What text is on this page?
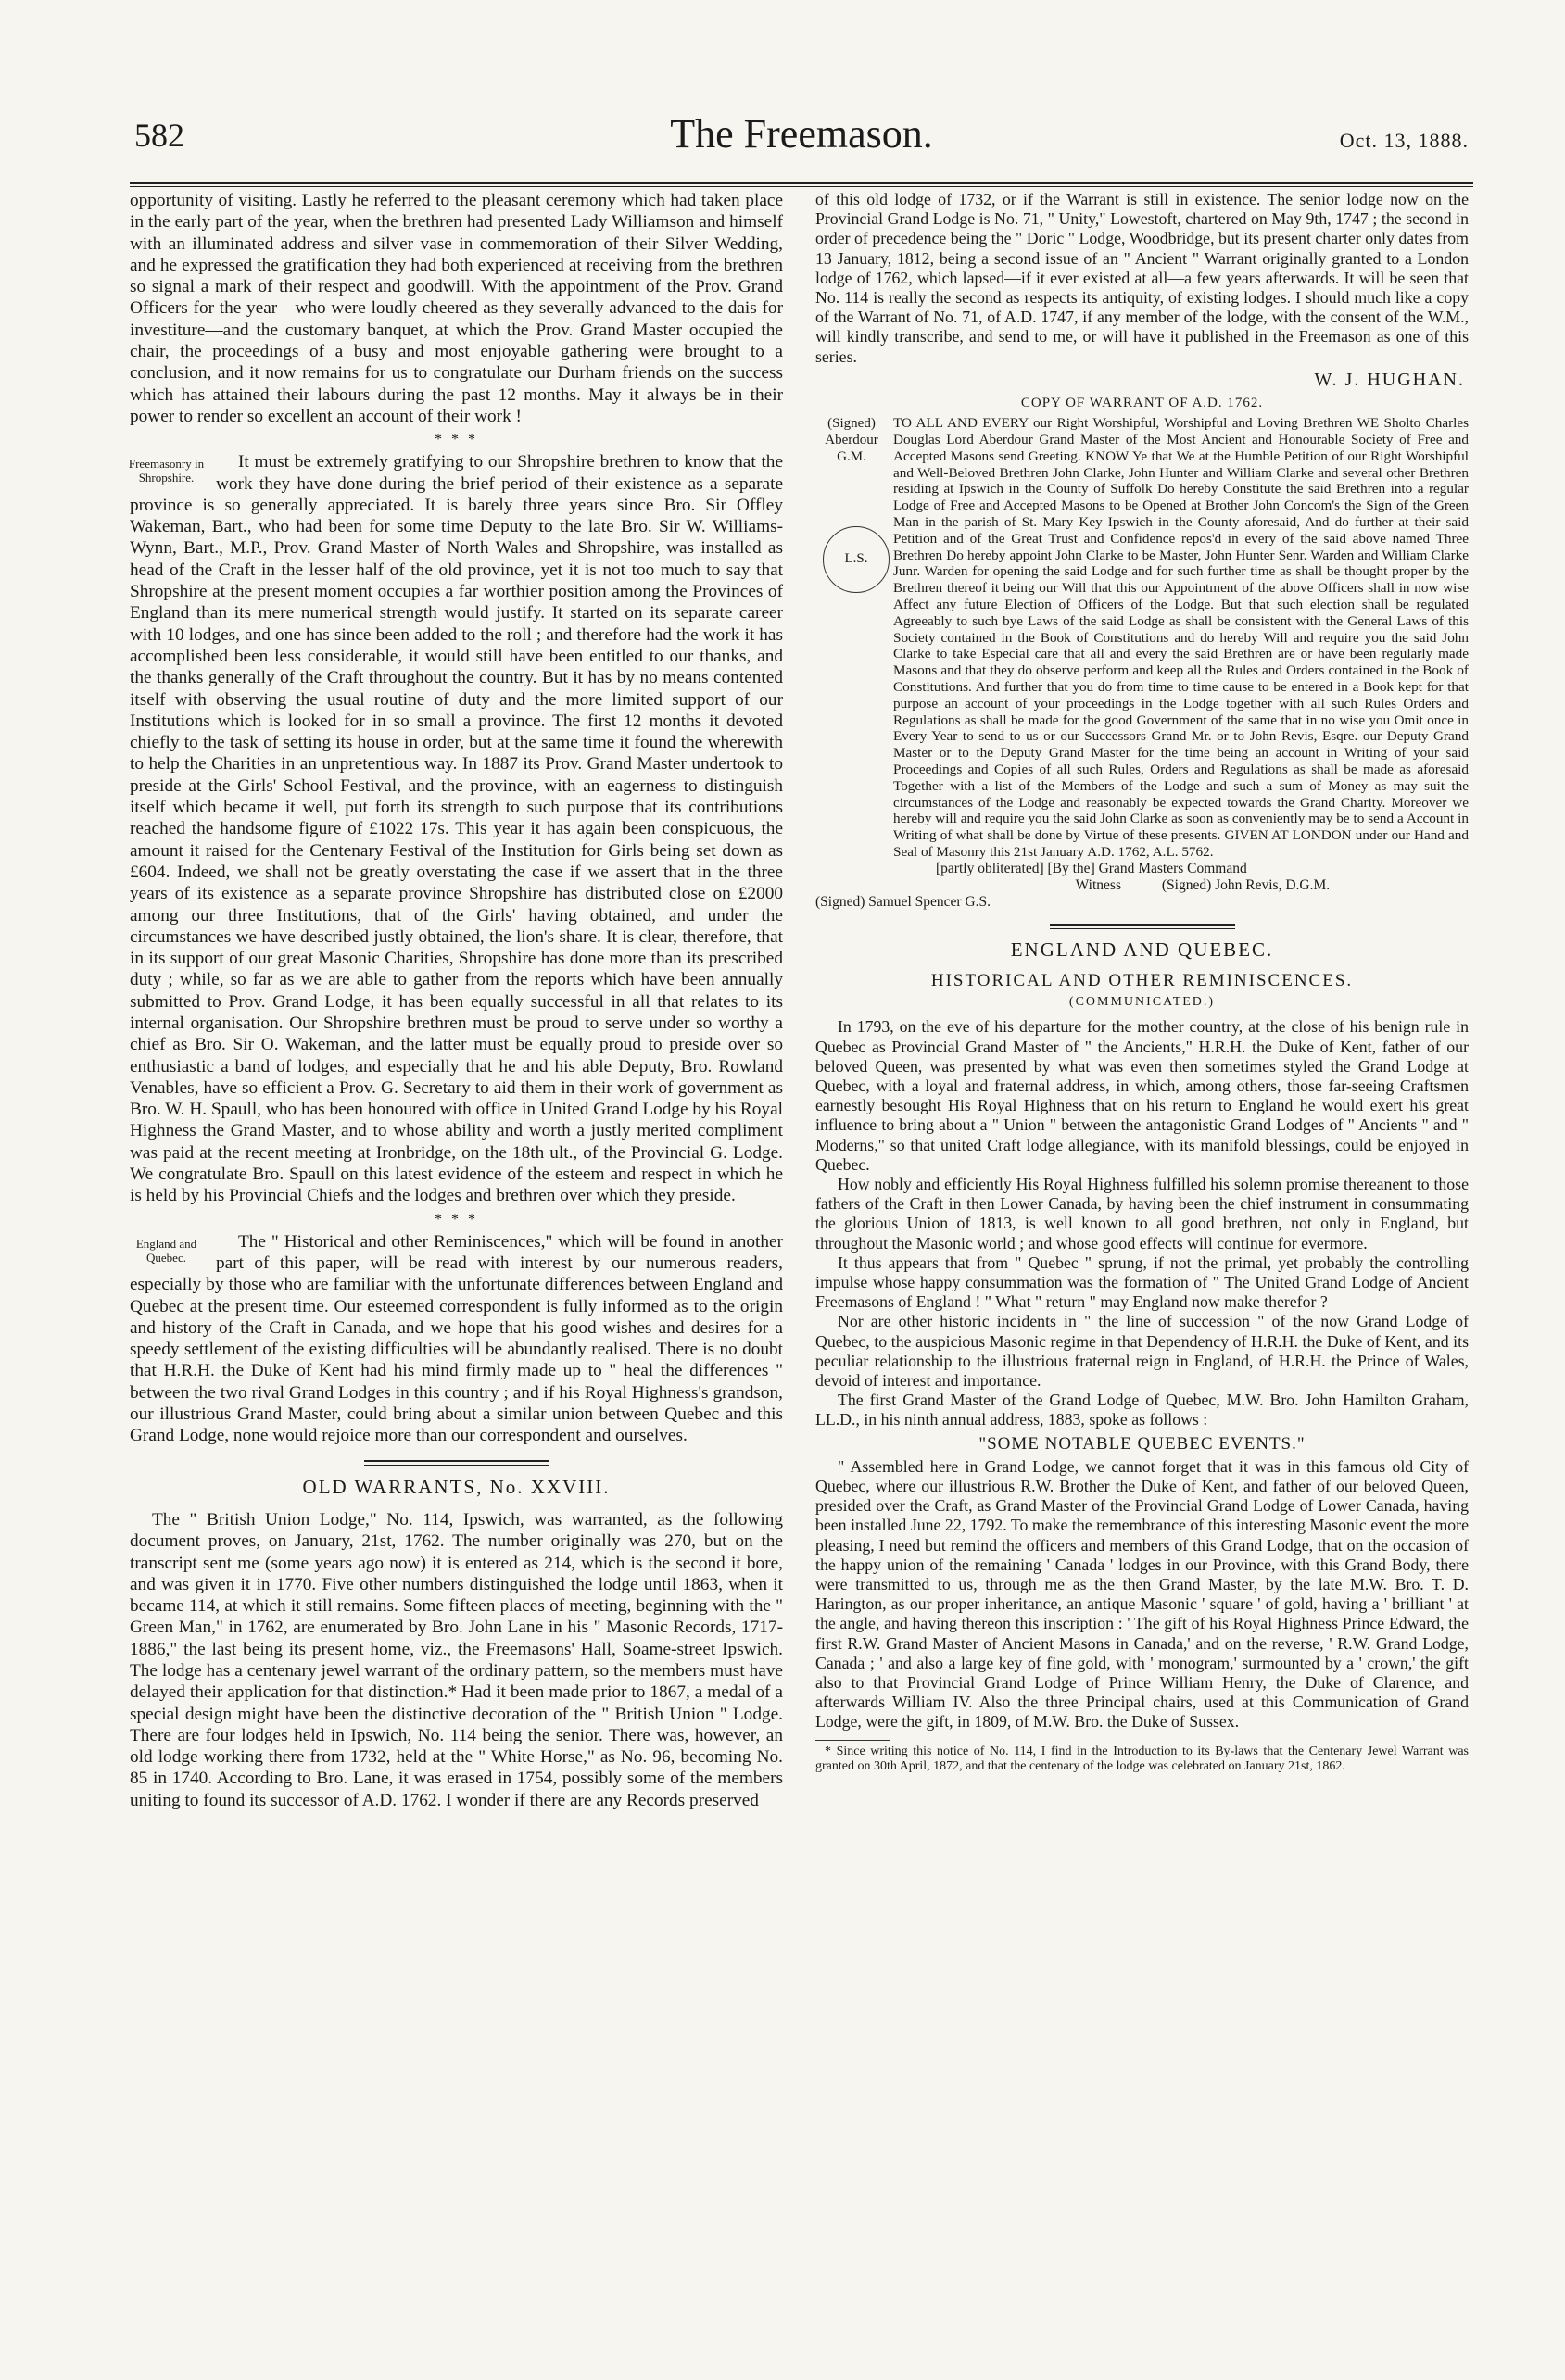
582	The Freemason.	Oct. 13, 1888.

opportunity of visiting. Lastly he referred to the pleasant ceremony which had taken place in the early part of the year, when the brethren had presented Lady Williamson and himself with an illuminated address and silver vase in commemoration of their Silver Wedding, and he expressed the gratification they had both experienced at receiving from the brethren so signal a mark of their respect and goodwill. With the appointment of the Prov. Grand Officers for the year—who were loudly cheered as they severally advanced to the dais for investiture—and the customary banquet, at which the Prov. Grand Master occupied the chair, the proceedings of a busy and most enjoyable gathering were brought to a conclusion, and it now remains for us to congratulate our Durham friends on the success which has attained their labours during the past 12 months. May it always be in their power to render so excellent an account of their work !

* * *
Freemasonry in Shropshire.

It must be extremely gratifying to our Shropshire brethren to know that the work they have done during the brief period of their existence as a separate province is so generally appreciated. It is barely three years since Bro. Sir Offley Wakeman, Bart., who had been for some time Deputy to the late Bro. Sir W. Williams-Wynn, Bart., M.P., Prov. Grand Master of North Wales and Shropshire, was installed as head of the Craft in the lesser half of the old province, yet it is not too much to say that Shropshire at the present moment occupies a far worthier position among the Provinces of England than its mere numerical strength would justify. It started on its separate career with 10 lodges, and one has since been added to the roll ; and therefore had the work it has accomplished been less considerable, it would still have been entitled to our thanks, and the thanks generally of the Craft throughout the country. But it has by no means contented itself with observing the usual routine of duty and the more limited support of our Institutions which is looked for in so small a province. The first 12 months it devoted chiefly to the task of setting its house in order, but at the same time it found the wherewith to help the Charities in an unpretentious way. In 1887 its Prov. Grand Master undertook to preside at the Girls' School Festival, and the province, with an eagerness to distinguish itself which became it well, put forth its strength to such purpose that its contributions reached the handsome figure of £1022 17s. This year it has again been conspicuous, the amount it raised for the Centenary Festival of the Institution for Girls being set down as £604. Indeed, we shall not be greatly overstating the case if we assert that in the three years of its existence as a separate province Shropshire has distributed close on £2000 among our three Institutions, that of the Girls' having obtained, and under the circumstances we have described justly obtained, the lion's share. It is clear, therefore, that in its support of our great Masonic Charities, Shropshire has done more than its prescribed duty ; while, so far as we are able to gather from the reports which have been annually submitted to Prov. Grand Lodge, it has been equally successful in all that relates to its internal organisation. Our Shropshire brethren must be proud to serve under so worthy a chief as Bro. Sir O. Wakeman, and the latter must be equally proud to preside over so enthusiastic a band of lodges, and especially that he and his able Deputy, Bro. Rowland Venables, have so efficient a Prov. G. Secretary to aid them in their work of government as Bro. W. H. Spaull, who has been honoured with office in United Grand Lodge by his Royal Highness the Grand Master, and to whose ability and worth a justly merited compliment was paid at the recent meeting at Ironbridge, on the 18th ult., of the Provincial G. Lodge. We congratulate Bro. Spaull on this latest evidence of the esteem and respect in which he is held by his Provincial Chiefs and the lodges and brethren over which they preside.

* * *
England and Quebec.

The " Historical and other Reminiscences," which will be found in another part of this paper, will be read with interest by our numerous readers, especially by those who are familiar with the unfortunate differences between England and Quebec at the present time. Our esteemed correspondent is fully informed as to the origin and history of the Craft in Canada, and we hope that his good wishes and desires for a speedy settlement of the existing difficulties will be abundantly realised. There is no doubt that H.R.H. the Duke of Kent had his mind firmly made up to " heal the differences " between the two rival Grand Lodges in this country ; and if his Royal Highness's grandson, our illustrious Grand Master, could bring about a similar union between Quebec and this Grand Lodge, none would rejoice more than our correspondent and ourselves.

OLD WARRANTS, No. XXVIII.

The " British Union Lodge," No. 114, Ipswich, was warranted, as the following document proves, on January, 21st, 1762. The number originally was 270, but on the transcript sent me (some years ago now) it is entered as 214, which is the second it bore, and was given it in 1770. Five other numbers distinguished the lodge until 1863, when it became 114, at which it still remains. Some fifteen places of meeting, beginning with the " Green Man," in 1762, are enumerated by Bro. John Lane in his " Masonic Records, 1717-1886," the last being its present home, viz., the Freemasons' Hall, Soame-street Ipswich. The lodge has a centenary jewel warrant of the ordinary pattern, so the members must have delayed their application for that distinction.* Had it been made prior to 1867, a medal of a special design might have been the distinctive decoration of the " British Union " Lodge. There are four lodges held in Ipswich, No. 114 being the senior. There was, however, an old lodge working there from 1732, held at the " White Horse," as No. 96, becoming No. 85 in 1740. According to Bro. Lane, it was erased in 1754, possibly some of the members uniting to found its successor of A.D. 1762. I wonder if there are any Records preserved

of this old lodge of 1732, or if the Warrant is still in existence. The senior lodge now on the Provincial Grand Lodge is No. 71, " Unity," Lowestoft, chartered on May 9th, 1747 ; the second in order of precedence being the " Doric " Lodge, Woodbridge, but its present charter only dates from 13 January, 1812, being a second issue of an " Ancient " Warrant originally granted to a London lodge of 1762, which lapsed—if it ever existed at all—a few years afterwards. It will be seen that No. 114 is really the second as respects its antiquity, of existing lodges. I should much like a copy of the Warrant of No. 71, of A.D. 1747, if any member of the lodge, with the consent of the W.M., will kindly transcribe, and send to me, or will have it published in the Freemason as one of this series.

W. J. HUGHAN.
COPY OF WARRANT OF A.D. 1762.
(Signed) Aberdour G.M.
L.S.
TO ALL AND EVERY our Right Worshipful, Worshipful and Loving Brethren WE Sholto Charles Douglas Lord Aberdour Grand Master of the Most Ancient and Honourable Society of Free and Accepted Masons send Greeting. KNOW Ye that We at the Humble Petition of our Right Worshipful and Well-Beloved Brethren John Clarke, John Hunter and William Clarke and several other Brethren residing at Ipswich in the County of Suffolk Do hereby Constitute the said Brethren into a regular Lodge of Free and Accepted Masons to be Opened at Brother John Concom's the Sign of the Green Man in the parish of St. Mary Key Ipswich in the County aforesaid, And do further at their said Petition and of the Great Trust and Confidence repos'd in every of the said above named Three Brethren Do hereby appoint John Clarke to be Master, John Hunter Senr. Warden and William Clarke Junr. Warden for opening the said Lodge and for such further time as shall be thought proper by the Brethren thereof it being our Will that this our Appointment of the above Officers shall in now wise Affect any future Election of Officers of the Lodge. But that such election shall be regulated Agreeably to such bye Laws of the said Lodge as shall be consistent with the General Laws of this Society contained in the Book of Constitutions and do hereby Will and require you the said John Clarke to take Especial care that all and every the said Brethren are or have been regularly made Masons and that they do observe perform and keep all the Rules and Orders contained in the Book of Constitutions. And further that you do from time to time cause to be entered in a Book kept for that purpose an account of your proceedings in the Lodge together with all such Rules Orders and Regulations as shall be made for the good Government of the same that in no wise you Omit once in Every Year to send to us or our Successors Grand Mr. or to John Revis, Esqre. our Deputy Grand Master or to the Deputy Grand Master for the time being an account in Writing of your said Proceedings and Copies of all such Rules, Orders and Regulations as shall be made as aforesaid Together with a list of the Members of the Lodge and such a sum of Money as may suit the circumstances of the Lodge and reasonably be expected towards the Grand Charity. Moreover we hereby will and require you the said John Clarke as soon as conveniently may be to send a Account in Writing of what shall be done by Virtue of these presents. GIVEN AT LONDON under our Hand and Seal of Masonry this 21st January A.D. 1762, A.L. 5762.
[partly obliterated] [By the] Grand Masters Command
Witness	(Signed) John Revis, D.G.M.
(Signed) Samuel Spencer G.S.
ENGLAND AND QUEBEC.
HISTORICAL AND OTHER REMINISCENCES.
(COMMUNICATED.)

In 1793, on the eve of his departure for the mother country, at the close of his benign rule in Quebec as Provincial Grand Master of " the Ancients," H.R.H. the Duke of Kent, father of our beloved Queen, was presented by what was even then sometimes styled the Grand Lodge at Quebec, with a loyal and fraternal address, in which, among others, those far-seeing Craftsmen earnestly besought His Royal Highness that on his return to England he would exert his great influence to bring about a " Union " between the antagonistic Grand Lodges of " Ancients " and " Moderns," so that united Craft lodge allegiance, with its manifold blessings, could be enjoyed in Quebec.

How nobly and efficiently His Royal Highness fulfilled his solemn promise thereanent to those fathers of the Craft in then Lower Canada, by having been the chief instrument in consummating the glorious Union of 1813, is well known to all good brethren, not only in England, but throughout the Masonic world ; and whose good effects will continue for evermore.

It thus appears that from " Quebec " sprung, if not the primal, yet probably the controlling impulse whose happy consummation was the formation of " The United Grand Lodge of Ancient Freemasons of England ! " What " return " may England now make therefor ?

Nor are other historic incidents in " the line of succession " of the now Grand Lodge of Quebec, to the auspicious Masonic regime in that Dependency of H.R.H. the Duke of Kent, and its peculiar relationship to the illustrious fraternal reign in England, of H.R.H. the Prince of Wales, devoid of interest and importance.

The first Grand Master of the Grand Lodge of Quebec, M.W. Bro. John Hamilton Graham, LL.D., in his ninth annual address, 1883, spoke as follows :

"SOME NOTABLE QUEBEC EVENTS."

" Assembled here in Grand Lodge, we cannot forget that it was in this famous old City of Quebec, where our illustrious R.W. Brother the Duke of Kent, and father of our beloved Queen, presided over the Craft, as Grand Master of the Provincial Grand Lodge of Lower Canada, having been installed June 22, 1792. To make the remembrance of this interesting Masonic event the more pleasing, I need but remind the officers and members of this Grand Lodge, that on the occasion of the happy union of the remaining ' Canada ' lodges in our Province, with this Grand Body, there were transmitted to us, through me as the then Grand Master, by the late M.W. Bro. T. D. Harington, as our proper inheritance, an antique Masonic ' square ' of gold, having a ' brilliant ' at the angle, and having thereon this inscription : ' The gift of his Royal Highness Prince Edward, the first R.W. Grand Master of Ancient Masons in Canada,' and on the reverse, ' R.W. Grand Lodge, Canada ; ' and also a large key of fine gold, with ' monogram,' surmounted by a ' crown,' the gift also to that Provincial Grand Lodge of Prince William Henry, the Duke of Clarence, and afterwards William IV. Also the three Principal chairs, used at this Communication of Grand Lodge, were the gift, in 1809, of M.W. Bro. the Duke of Sussex.

* Since writing this notice of No. 114, I find in the Introduction to its By-laws that the Centenary Jewel Warrant was granted on 30th April, 1872, and that the centenary of the lodge was celebrated on January 21st, 1862.
